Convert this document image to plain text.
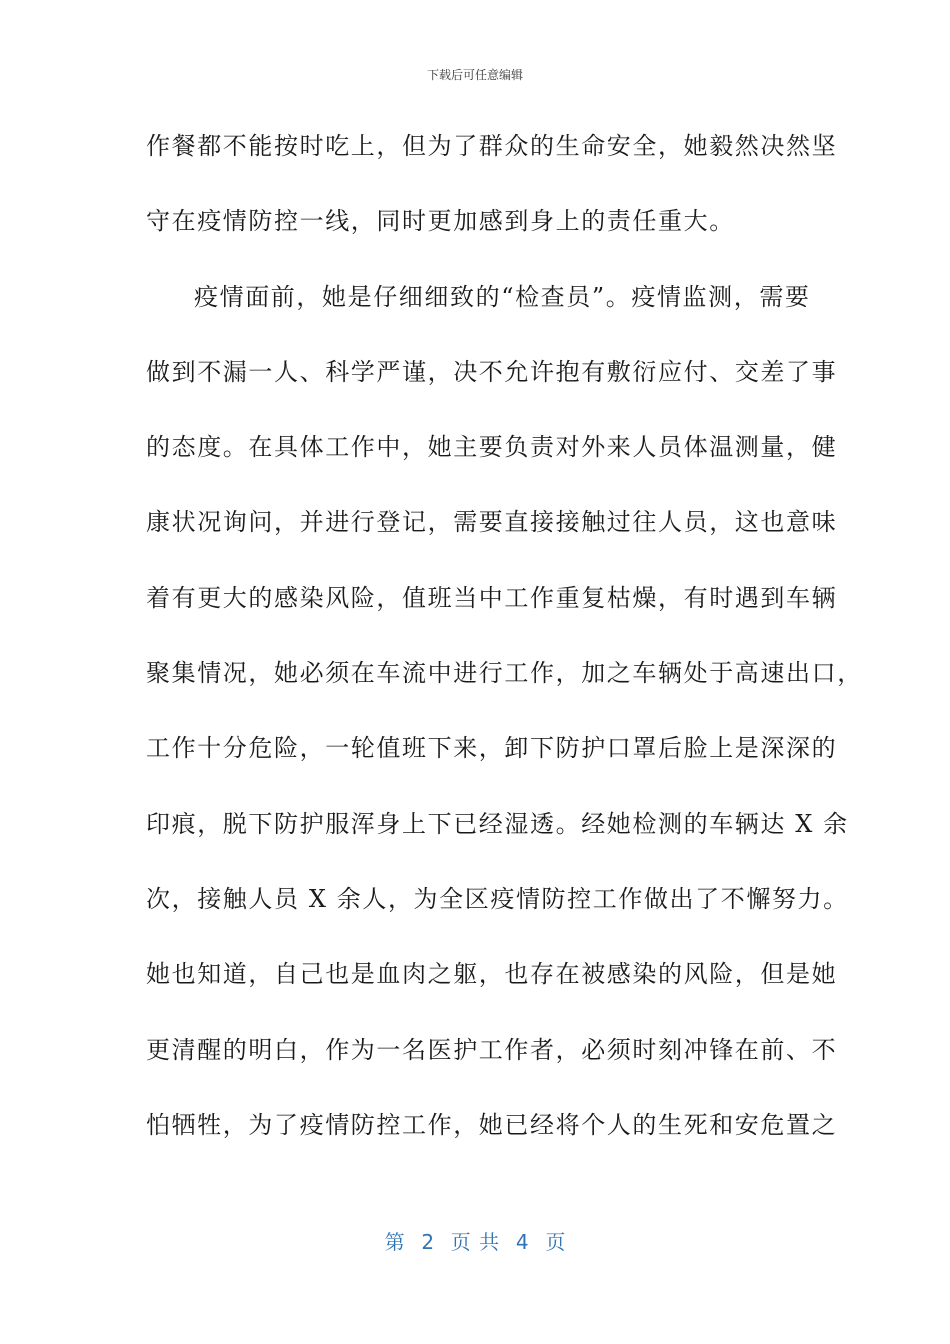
下载后可任意编辑
作餐都不能按时吃上，但为了群众的生命安全，她毅然决然坚
守在疫情防控一线，同时更加感到身上的责任重大。
疫情面前，她是仔细细致的“检查员”。疫情监测，需要
做到不漏一人、科学严谨，决不允许抱有敷衍应付、交差了事
的态度。在具体工作中，她主要负责对外来人员体温测量，健
康状况询问，并进行登记，需要直接接触过往人员，这也意味
着有更大的感染风险，值班当中工作重复枯燥，有时遇到车辆
聚集情况，她必须在车流中进行工作，加之车辆处于高速出口，
工作十分危险，一轮值班下来，卸下防护口罩后脸上是深深的
印痕，脱下防护服浑身上下已经湿透。经她检测的车辆达 X 余
次，接触人员 X 余人，为全区疫情防控工作做出了不懈努力。
她也知道，自己也是血肉之躯，也存在被感染的风险，但是她
更清醒的明白，作为一名医护工作者，必须时刻冲锋在前、不
怕牺牲，为了疫情防控工作，她已经将个人的生死和安危置之
第  2  页 共  4  页
